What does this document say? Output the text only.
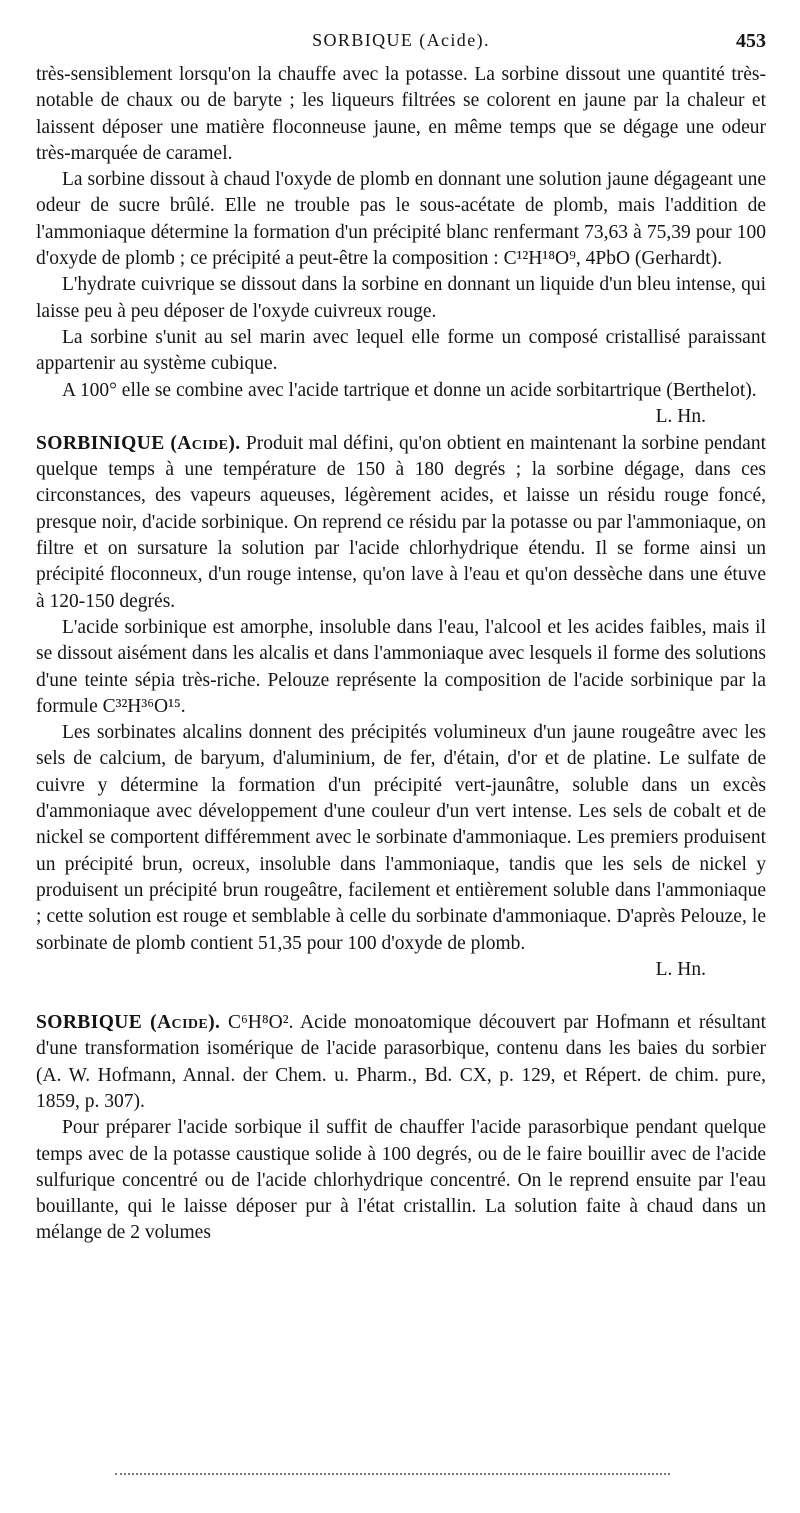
SORBIQUE (Acide).	453

très-sensiblement lorsqu'on la chauffe avec la potasse. La sorbine dissout une quantité très-notable de chaux ou de baryte ; les liqueurs filtrées se colorent en jaune par la chaleur et laissent déposer une matière floconneuse jaune, en même temps que se dégage une odeur très-marquée de caramel.

La sorbine dissout à chaud l'oxyde de plomb en donnant une solution jaune dégageant une odeur de sucre brûlé. Elle ne trouble pas le sous-acétate de plomb, mais l'addition de l'ammoniaque détermine la formation d'un précipité blanc renfermant 73,63 à 75,39 pour 100 d'oxyde de plomb ; ce précipité a peut-être la composition : C¹²H¹⁸O⁹, 4PbO (Gerhardt).

L'hydrate cuivrique se dissout dans la sorbine en donnant un liquide d'un bleu intense, qui laisse peu à peu déposer de l'oxyde cuivreux rouge.

La sorbine s'unit au sel marin avec lequel elle forme un composé cristallisé paraissant appartenir au système cubique.

A 100° elle se combine avec l'acide tartrique et donne un acide sorbitartrique (Berthelot).
L. Hn.

SORBINIQUE (Acide). Produit mal défini, qu'on obtient en maintenant la sorbine pendant quelque temps à une température de 150 à 180 degrés ; la sorbine dégage, dans ces circonstances, des vapeurs aqueuses, légèrement acides, et laisse un résidu rouge foncé, presque noir, d'acide sorbinique. On reprend ce résidu par la potasse ou par l'ammoniaque, on filtre et on sursature la solution par l'acide chlorhydrique étendu. Il se forme ainsi un précipité floconneux, d'un rouge intense, qu'on lave à l'eau et qu'on dessèche dans une étuve à 120-150 degrés.

L'acide sorbinique est amorphe, insoluble dans l'eau, l'alcool et les acides faibles, mais il se dissout aisément dans les alcalis et dans l'ammoniaque avec lesquels il forme des solutions d'une teinte sépia très-riche. Pelouze représente la composition de l'acide sorbinique par la formule C³²H³⁶O¹⁵.

Les sorbinates alcalins donnent des précipités volumineux d'un jaune rougeâtre avec les sels de calcium, de baryum, d'aluminium, de fer, d'étain, d'or et de platine. Le sulfate de cuivre y détermine la formation d'un précipité vert-jaunâtre, soluble dans un excès d'ammoniaque avec développement d'une couleur d'un vert intense. Les sels de cobalt et de nickel se comportent différemment avec le sorbinate d'ammoniaque. Les premiers produisent un précipité brun, ocreux, insoluble dans l'ammoniaque, tandis que les sels de nickel y produisent un précipité brun rougeâtre, facilement et entièrement soluble dans l'ammoniaque ; cette solution est rouge et semblable à celle du sorbinate d'ammoniaque. D'après Pelouze, le sorbinate de plomb contient 51,35 pour 100 d'oxyde de plomb.

L. Hn.

SORBIQUE (Acide). C⁶H⁸O². Acide monoatomique découvert par Hofmann et résultant d'une transformation isomérique de l'acide parasorbique, contenu dans les baies du sorbier (A. W. Hofmann, Annal. der Chem. u. Pharm., Bd. CX, p. 129, et Répert. de chim. pure, 1859, p. 307).

Pour préparer l'acide sorbique il suffit de chauffer l'acide parasorbique pendant quelque temps avec de la potasse caustique solide à 100 degrés, ou de le faire bouillir avec de l'acide sulfurique concentré ou de l'acide chlorhydrique concentré. On le reprend ensuite par l'eau bouillante, qui le laisse déposer pur à l'état cristallin. La solution faite à chaud dans un mélange de 2 volumes
